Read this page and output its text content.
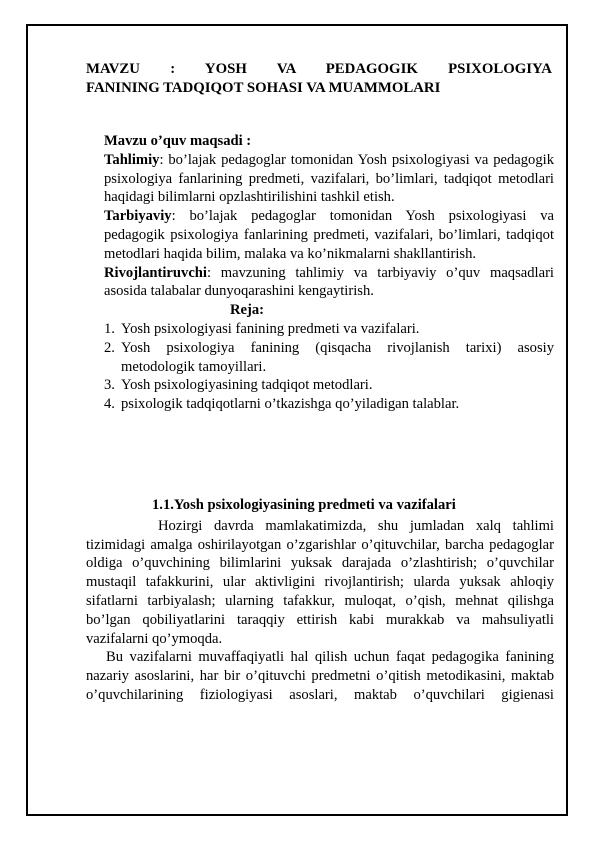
MAVZU : YOSH VA PEDAGOGIK PSIXOLOGIYA
FANINING TADQIQOT SOHASI VA MUAMMOLARI

Mavzu o’quv maqsadi :

Tahlimiy: bo’lajak pedagoglar tomonidan Yosh psixologiyasi va pedagogik psixologiya fanlarining predmeti, vazifalari, bo’limlari, tadqiqot metodlari haqidagi bilimlarni opzlashtirilishini tashkil etish.

Tarbiyaviy: bo’lajak pedagoglar tomonidan Yosh psixologiyasi va pedagogik psixologiya fanlarining predmeti, vazifalari, bo’limlari, tadqiqot metodlari haqida bilim, malaka va ko’nikmalarni shakllantirish.

Rivojlantiruvchi: mavzuning tahlimiy va tarbiyaviy o’quv maqsadlari asosida talabalar dunyoqarashini kengaytirish.

Reja:

1. Yosh psixologiyasi fanining predmeti va vazifalari.
2. Yosh psixologiya fanining (qisqacha rivojlanish tarixi) asosiy metodologik tamoyillari.
3. Yosh psixologiyasining tadqiqot metodlari.
4. psixologik tadqiqotlarni o’tkazishga qo’yiladigan talablar.

1.1.Yosh psixologiyasining predmeti va vazifalari

Hozirgi davrda mamlakatimizda, shu jumladan xalq tahlimi tizimidagi amalga oshirilayotgan o’zgarishlar o’qituvchilar, barcha pedagoglar oldiga o’quvchining bilimlarini yuksak darajada o’zlashtirish; o’quvchilar mustaqil tafakkurini, ular aktivligini rivojlantirish; ularda yuksak ahloqiy sifatlarni tarbiyalash; ularning tafakkur, muloqat, o’qish, mehnat qilishga bo’lgan qobiliyatlarini taraqqiy ettirish kabi murakkab va mahsuliyatli vazifalarni qo’ymoqda.

Bu vazifalarni muvaffaqiyatli hal qilish uchun faqat pedagogika fanining nazariy asoslarini, har bir o’qituvchi predmetni o’qitish metodikasini, maktab o’quvchilarining fiziologiyasi asoslari, maktab o’quvchilari gigienasi
